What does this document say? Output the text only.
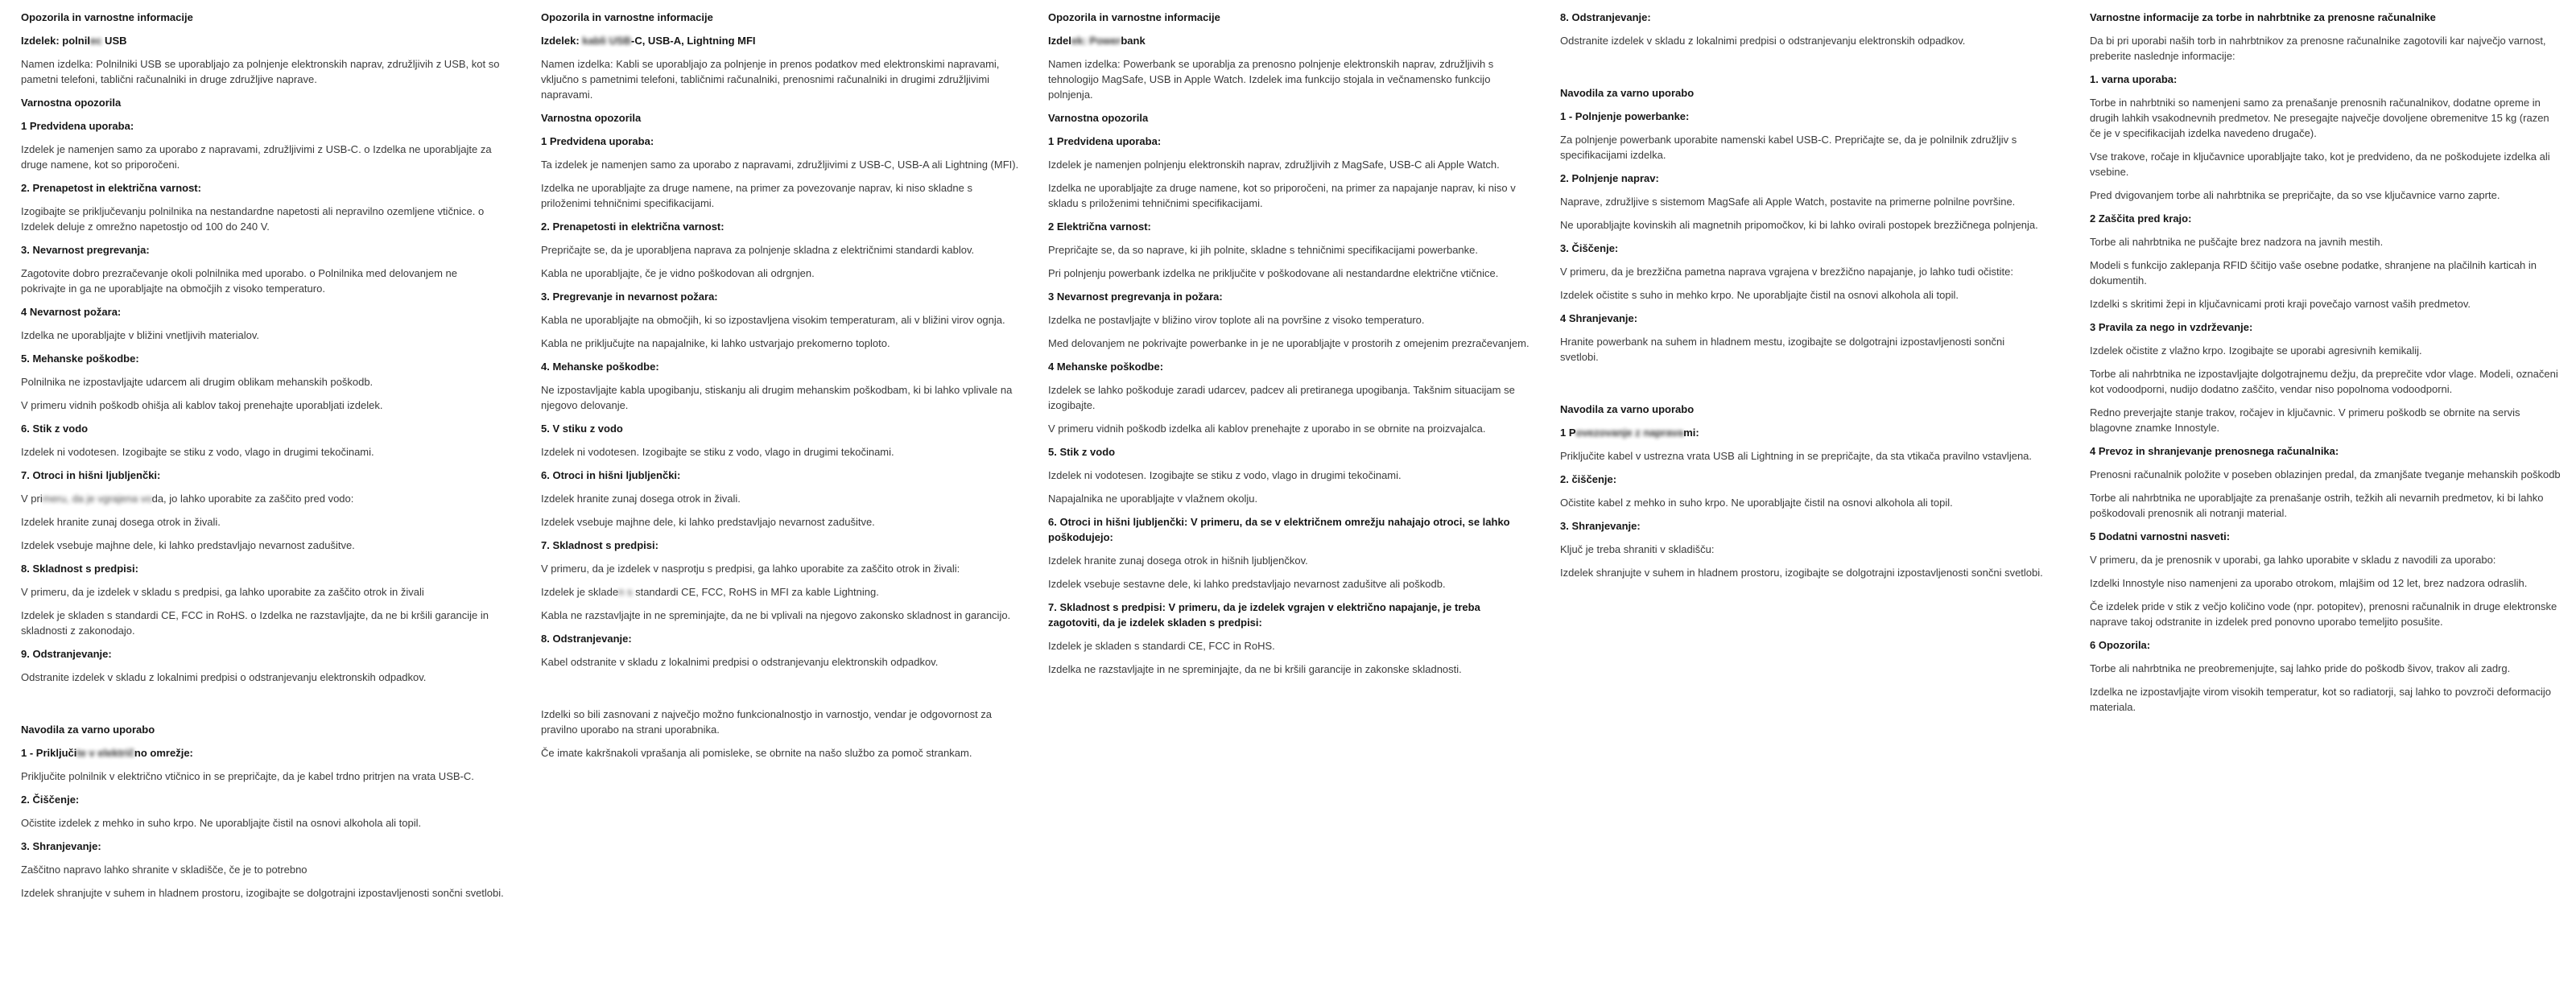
Opozorila in varnostne informacije
Izdelek: polnilec USB
Namen izdelka: Polnilniki USB se uporabljajo za polnjenje elektronskih naprav, združljivih z USB, kot so pametni telefoni, tablični računalniki in druge združljive naprave.
Varnostna opozorila
1 Predvidena uporaba:
Izdelek je namenjen samo za uporabo z napravami, združljivimi z USB-C. o Izdelka ne uporabljajte za druge namene, kot so priporočeni.
2. Prenapetost in električna varnost:
Izogibajte se priključevanju polnilnika na nestandardne napetosti ali nepravilno ozemljene vtičnice. o Izdelek deluje z omrežno napetostjo od 100 do 240 V.
3. Nevarnost pregrevanja:
Zagotovite dobro prezračevanje okoli polnilnika med uporabo. o Polnilnika med delovanjem ne pokrivajte in ga ne uporabljajte na območjih z visoko temperaturo.
4 Nevarnost požara:
Izdelka ne uporabljajte v bližini vnetljivih materialov.
5. Mehanske poškodbe:
Polnilnika ne izpostavljajte udarcem ali drugim oblikam mehanskih poškodb.
V primeru vidnih poškodb ohišja ali kablov takoj prenehajte uporabljati izdelek.
6. Stik z vodo
Izdelek ni vodotesen. Izogibajte se stiku z vodo, vlago in drugimi tekočinami.
7. Otroci in hišni ljubljenčki:
V primeru, da je vgrajena voda, jo lahko uporabite za zaščito pred vodo:
Izdelek hranite zunaj dosega otrok in živali.
Izdelek vsebuje majhne dele, ki lahko predstavljajo nevarnost zadušitve.
8. Skladnost s predpisi:
V primeru, da je izdelek v skladu s predpisi, ga lahko uporabite za zaščito otrok in živali
Izdelek je skladen s standardi CE, FCC in RoHS. o Izdelka ne razstavljajte, da ne bi kršili garancije in skladnosti z zakonodajo.
9. Odstranjevanje:
Odstranite izdelek v skladu z lokalnimi predpisi o odstranjevanju elektronskih odpadkov.
Navodila za varno uporabo
1 - Priključite v električno omrežje:
Priključite polnilnik v električno vtičnico in se prepričajte, da je kabel trdno pritrjen na vrata USB-C.
2. Čiščenje:
Očistite izdelek z mehko in suho krpo. Ne uporabljajte čistil na osnovi alkohola ali topil.
3. Shranjevanje:
Zaščitno napravo lahko shranite v skladišče, če je to potrebno
Izdelek shranjujte v suhem in hladnem prostoru, izogibajte se dolgotrajni izpostavljenosti sončni svetlobi.
Opozorila in varnostne informacije
Izdelek: kabli USB-C, USB-A, Lightning MFI
Namen izdelka: Kabli se uporabljajo za polnjenje in prenos podatkov med elektronskimi napravami, vključno s pametnimi telefoni, tabličnimi računalniki, prenosnimi računalniki in drugimi združljivimi napravami.
Varnostna opozorila
1 Predvidena uporaba:
Ta izdelek je namenjen samo za uporabo z napravami, združljivimi z USB-C, USB-A ali Lightning (MFI).
Izdelka ne uporabljajte za druge namene, na primer za povezovanje naprav, ki niso skladne s priloženimi tehničnimi specifikacijami.
2. Prenapetosti in električna varnost:
Prepričajte se, da je uporabljena naprava za polnjenje skladna z električnimi standardi kablov.
Kabla ne uporabljajte, če je vidno poškodovan ali odrgnjen.
3. Pregrevanje in nevarnost požara:
Kabla ne uporabljajte na območjih, ki so izpostavljena visokim temperaturam, ali v bližini virov ognja.
Kabla ne priključujte na napajalnike, ki lahko ustvarjajo prekomerno toploto.
4. Mehanske poškodbe:
Ne izpostavljajte kabla upogibanju, stiskanju ali drugim mehanskim poškodbam, ki bi lahko vplivale na njegovo delovanje.
5. V stiku z vodo
Izdelek ni vodotesen. Izogibajte se stiku z vodo, vlago in drugimi tekočinami.
6. Otroci in hišni ljubljenčki:
Izdelek hranite zunaj dosega otrok in živali.
Izdelek vsebuje majhne dele, ki lahko predstavljajo nevarnost zadušitve.
7. Skladnost s predpisi:
V primeru, da je izdelek v nasprotju s predpisi, ga lahko uporabite za zaščito otrok in živali:
Izdelek je skladen s standardi CE, FCC, RoHS in MFI za kable Lightning.
Kabla ne razstavljajte in ne spreminjajte, da ne bi vplivali na njegovo zakonsko skladnost in garancijo.
8. Odstranjevanje:
Kabel odstranite v skladu z lokalnimi predpisi o odstranjevanju elektronskih odpadkov.
Izdelki so bili zasnovani z največjo možno funkcionalnostjo in varnostjo, vendar je odgovornost za pravilno uporabo na strani uporabnika.
Če imate kakršnakoli vprašanja ali pomisleke, se obrnite na našo službo za pomoč strankam.
Opozorila in varnostne informacije
Izdelek: Powerbank
Namen izdelka: Powerbank se uporablja za prenosno polnjenje elektronskih naprav, združljivih s tehnologijo MagSafe, USB in Apple Watch. Izdelek ima funkcijo stojala in večnamensko funkcijo polnjenja.
Varnostna opozorila
1 Predvidena uporaba:
Izdelek je namenjen polnjenju elektronskih naprav, združljivih z MagSafe, USB-C ali Apple Watch.
Izdelka ne uporabljajte za druge namene, kot so priporočeni, na primer za napajanje naprav, ki niso v skladu s priloženimi tehničnimi specifikacijami.
2 Električna varnost:
Prepričajte se, da so naprave, ki jih polnite, skladne s tehničnimi specifikacijami powerbanke.
Pri polnjenju powerbank izdelka ne priključite v poškodovane ali nestandardne električne vtičnice.
3 Nevarnost pregrevanja in požara:
Izdelka ne postavljajte v bližino virov toplote ali na površine z visoko temperaturo.
Med delovanjem ne pokrivajte powerbanke in je ne uporabljajte v prostorih z omejenim prezračevanjem.
4 Mehanske poškodbe:
Izdelek se lahko poškoduje zaradi udarcev, padcev ali pretiranega upogibanja. Takšnim situacijam se izogibajte.
V primeru vidnih poškodb izdelka ali kablov prenehajte z uporabo in se obrnite na proizvajalca.
5. Stik z vodo
Izdelek ni vodotesen. Izogibajte se stiku z vodo, vlago in drugimi tekočinami.
Napajalnika ne uporabljajte v vlažnem okolju.
6. Otroci in hišni ljubljenčki: V primeru, da se v električnem omrežju nahajajo otroci, se lahko poškodujejo:
Izdelek hranite zunaj dosega otrok in hišnih ljubljenčkov.
Izdelek vsebuje sestavne dele, ki lahko predstavljajo nevarnost zadušitve ali poškodb.
7. Skladnost s predpisi: V primeru, da je izdelek vgrajen v električno napajanje, je treba zagotoviti, da je izdelek skladen s predpisi:
Izdelek je skladen s standardi CE, FCC in RoHS.
Izdelka ne razstavljajte in ne spreminjajte, da ne bi kršili garancije in zakonske skladnosti.
8. Odstranjevanje:
Odstranite izdelek v skladu z lokalnimi predpisi o odstranjevanju elektronskih odpadkov.
Navodila za varno uporabo
1 - Polnjenje powerbanke:
Za polnjenje powerbank uporabite namenski kabel USB-C. Prepričajte se, da je polnilnik združljiv s specifikacijami izdelka.
2. Polnjenje naprav:
Naprave, združljive s sistemom MagSafe ali Apple Watch, postavite na primerne polnilne površine.
Ne uporabljajte kovinskih ali magnetnih pripomočkov, ki bi lahko ovirali postopek brezžičnega polnjenja.
3. Čiščenje:
V primeru, da je brezžična pametna naprava vgrajena v brezžično napajanje, jo lahko tudi očistite:
Izdelek očistite s suho in mehko krpo. Ne uporabljajte čistil na osnovi alkohola ali topil.
4 Shranjevanje:
Hranite powerbank na suhem in hladnem mestu, izogibajte se dolgotrajni izpostavljenosti sončni svetlobi.
Navodila za varno uporabo
1 Povezovanje z napravami:
Priključite kabel v ustrezna vrata USB ali Lightning in se prepričajte, da sta vtikača pravilno vstavljena.
2. čiščenje:
Očistite kabel z mehko in suho krpo. Ne uporabljajte čistil na osnovi alkohola ali topil.
3. Shranjevanje:
Ključ je treba shraniti v skladišču:
Izdelek shranjujte v suhem in hladnem prostoru, izogibajte se dolgotrajni izpostavljenosti sončni svetlobi.
Varnostne informacije za torbe in nahrbtnike za prenosne računalnike
Da bi pri uporabi naših torb in nahrbtnikov za prenosne računalnike zagotovili kar največjo varnost, preberite naslednje informacije:
1. varna uporaba:
Torbe in nahrbtniki so namenjeni samo za prenašanje prenosnih računalnikov, dodatne opreme in drugih lahkih vsakodnevnih predmetov. Ne presegajte največje dovoljene obremenitve 15 kg (razen če je v specifikacijah izdelka navedeno drugače).
Vse trakove, ročaje in ključavnice uporabljajte tako, kot je predvideno, da ne poškodujete izdelka ali vsebine.
Pred dvigovanjem torbe ali nahrbtnika se prepričajte, da so vse ključavnice varno zaprte.
2 Zaščita pred krajo:
Torbe ali nahrbtnika ne puščajte brez nadzora na javnih mestih.
Modeli s funkcijo zaklepanja RFID ščitijo vaše osebne podatke, shranjene na plačilnih karticah in dokumentih.
Izdelki s skritimi žepi in ključavnicami proti kraji povečajo varnost vaših predmetov.
3 Pravila za nego in vzdrževanje:
Izdelek očistite z vlažno krpo. Izogibajte se uporabi agresivnih kemikalij.
Torbe ali nahrbtnika ne izpostavljajte dolgotrajnemu dežju, da preprečite vdor vlage. Modeli, označeni kot vodoodporni, nudijo dodatno zaščito, vendar niso popolnoma vodoodporni.
Redno preverjajte stanje trakov, ročajev in ključavnic. V primeru poškodb se obrnite na servis blagovne znamke Innostyle.
4 Prevoz in shranjevanje prenosnega računalnika:
Prenosni računalnik položite v poseben oblazinjen predal, da zmanjšate tveganje mehanskih poškodb
Torbe ali nahrbtnika ne uporabljajte za prenašanje ostrih, težkih ali nevarnih predmetov, ki bi lahko poškodovali prenosnik ali notranji material.
5 Dodatni varnostni nasveti:
V primeru, da je prenosnik v uporabi, ga lahko uporabite v skladu z navodili za uporabo:
Izdelki Innostyle niso namenjeni za uporabo otrokom, mlajšim od 12 let, brez nadzora odraslih.
Če izdelek pride v stik z večjo količino vode (npr. potopitev), prenosni računalnik in druge elektronske naprave takoj odstranite in izdelek pred ponovno uporabo temeljito posušite.
6 Opozorila:
Torbe ali nahrbtnika ne preobremenjujte, saj lahko pride do poškodb šivov, trakov ali zadrg.
Izdelka ne izpostavljajte virom visokih temperatur, kot so radiatorji, saj lahko to povzroči deformacijo materiala.
